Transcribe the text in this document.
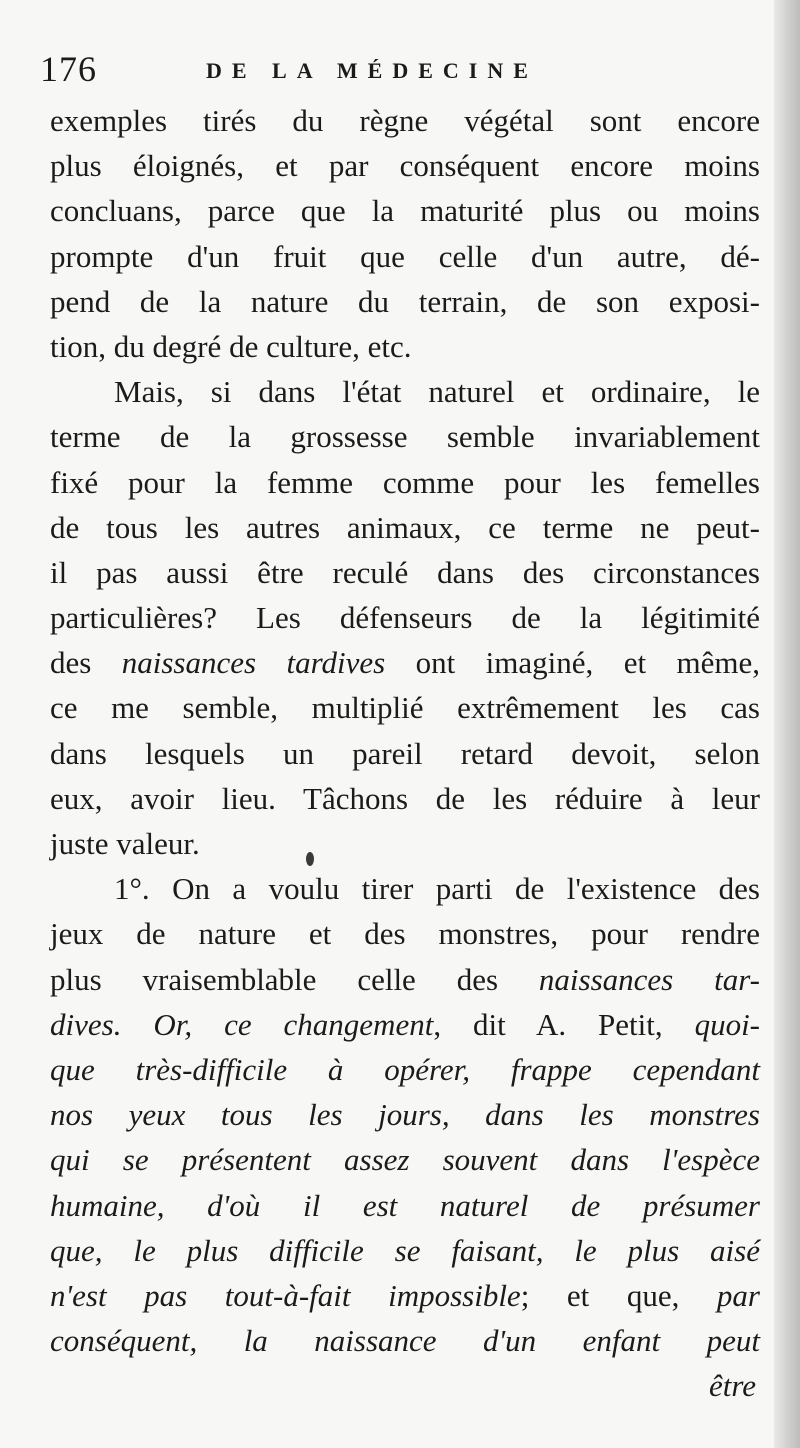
176	DE LA MÉDECINE
exemples tirés du règne végétal sont encore
plus éloignés, et par conséquent encore moins
concluans, parce que la maturité plus ou moins
prompte d'un fruit que celle d'un autre, dé-
pend de la nature du terrain, de son exposi-
tion, du degré de culture, etc.
Mais, si dans l'état naturel et ordinaire, le
terme de la grossesse semble invariablement
fixé pour la femme comme pour les femelles
de tous les autres animaux, ce terme ne peut-
il pas aussi être reculé dans des circonstances
particulières? Les défenseurs de la légitimité
des naissances tardives ont imaginé, et même,
ce me semble, multiplié extrêmement les cas
dans lesquels un pareil retard devoit, selon
eux, avoir lieu. Tâchons de les réduire à leur
juste valeur.
1°. On a voulu tirer parti de l'existence des
jeux de nature et des monstres, pour rendre
plus vraisemblable celle des naissances tar-
dives. Or, ce changement, dit A. Petit, quoi-
que très-difficile à opérer, frappe cependant
nos yeux tous les jours, dans les monstres
qui se présentent assez souvent dans l'espèce
humaine, d'où il est naturel de présumer
que, le plus difficile se faisant, le plus aisé
n'est pas tout-à-fait impossible; et que, par
conséquent, la naissance d'un enfant peut
être
